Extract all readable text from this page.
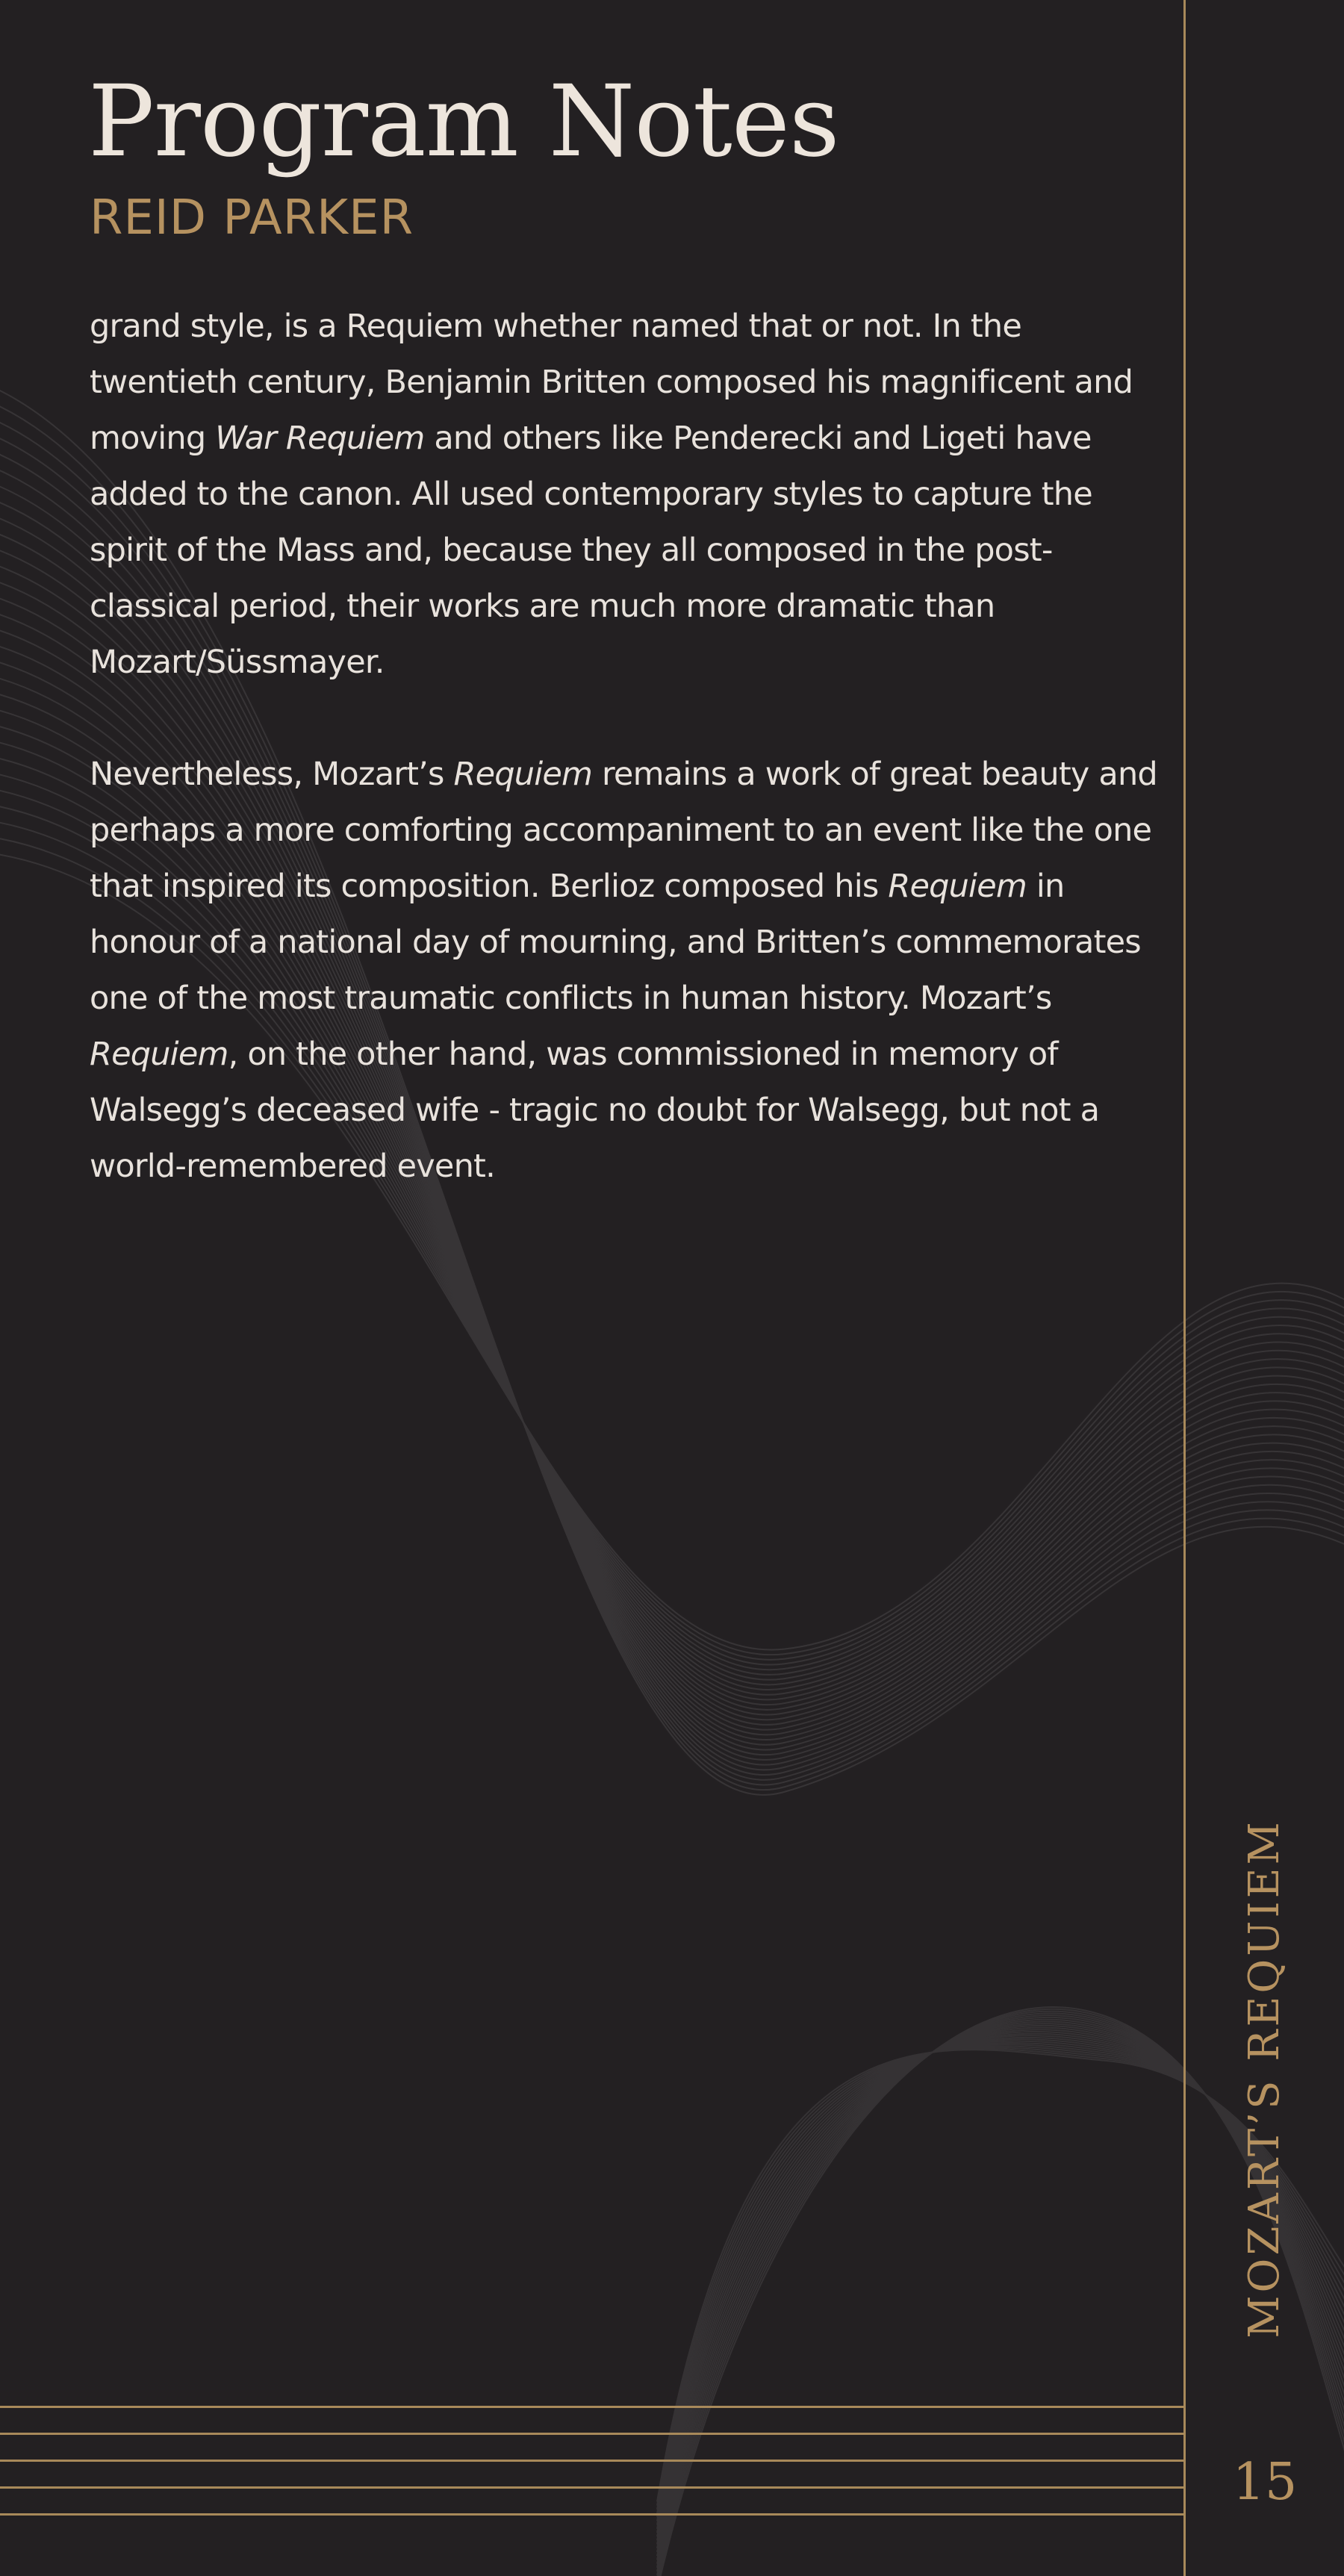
Program Notes
REID PARKER

grand style, is a Requiem whether named that or not. In the twentieth century, Benjamin Britten composed his magnificent and moving War Requiem and others like Penderecki and Ligeti have added to the canon. All used contemporary styles to capture the spirit of the Mass and, because they all composed in the post-classical period, their works are much more dramatic than Mozart/Süssmayer.

Nevertheless, Mozart’s Requiem remains a work of great beauty and perhaps a more comforting accompaniment to an event like the one that inspired its composition. Berlioz composed his Requiem in honour of a national day of mourning, and Britten’s commemorates one of the most traumatic conflicts in human history. Mozart’s Requiem, on the other hand, was commissioned in memory of Walsegg’s deceased wife - tragic no doubt for Walsegg, but not a world-remembered event.

MOZART’S REQUIEM
15
